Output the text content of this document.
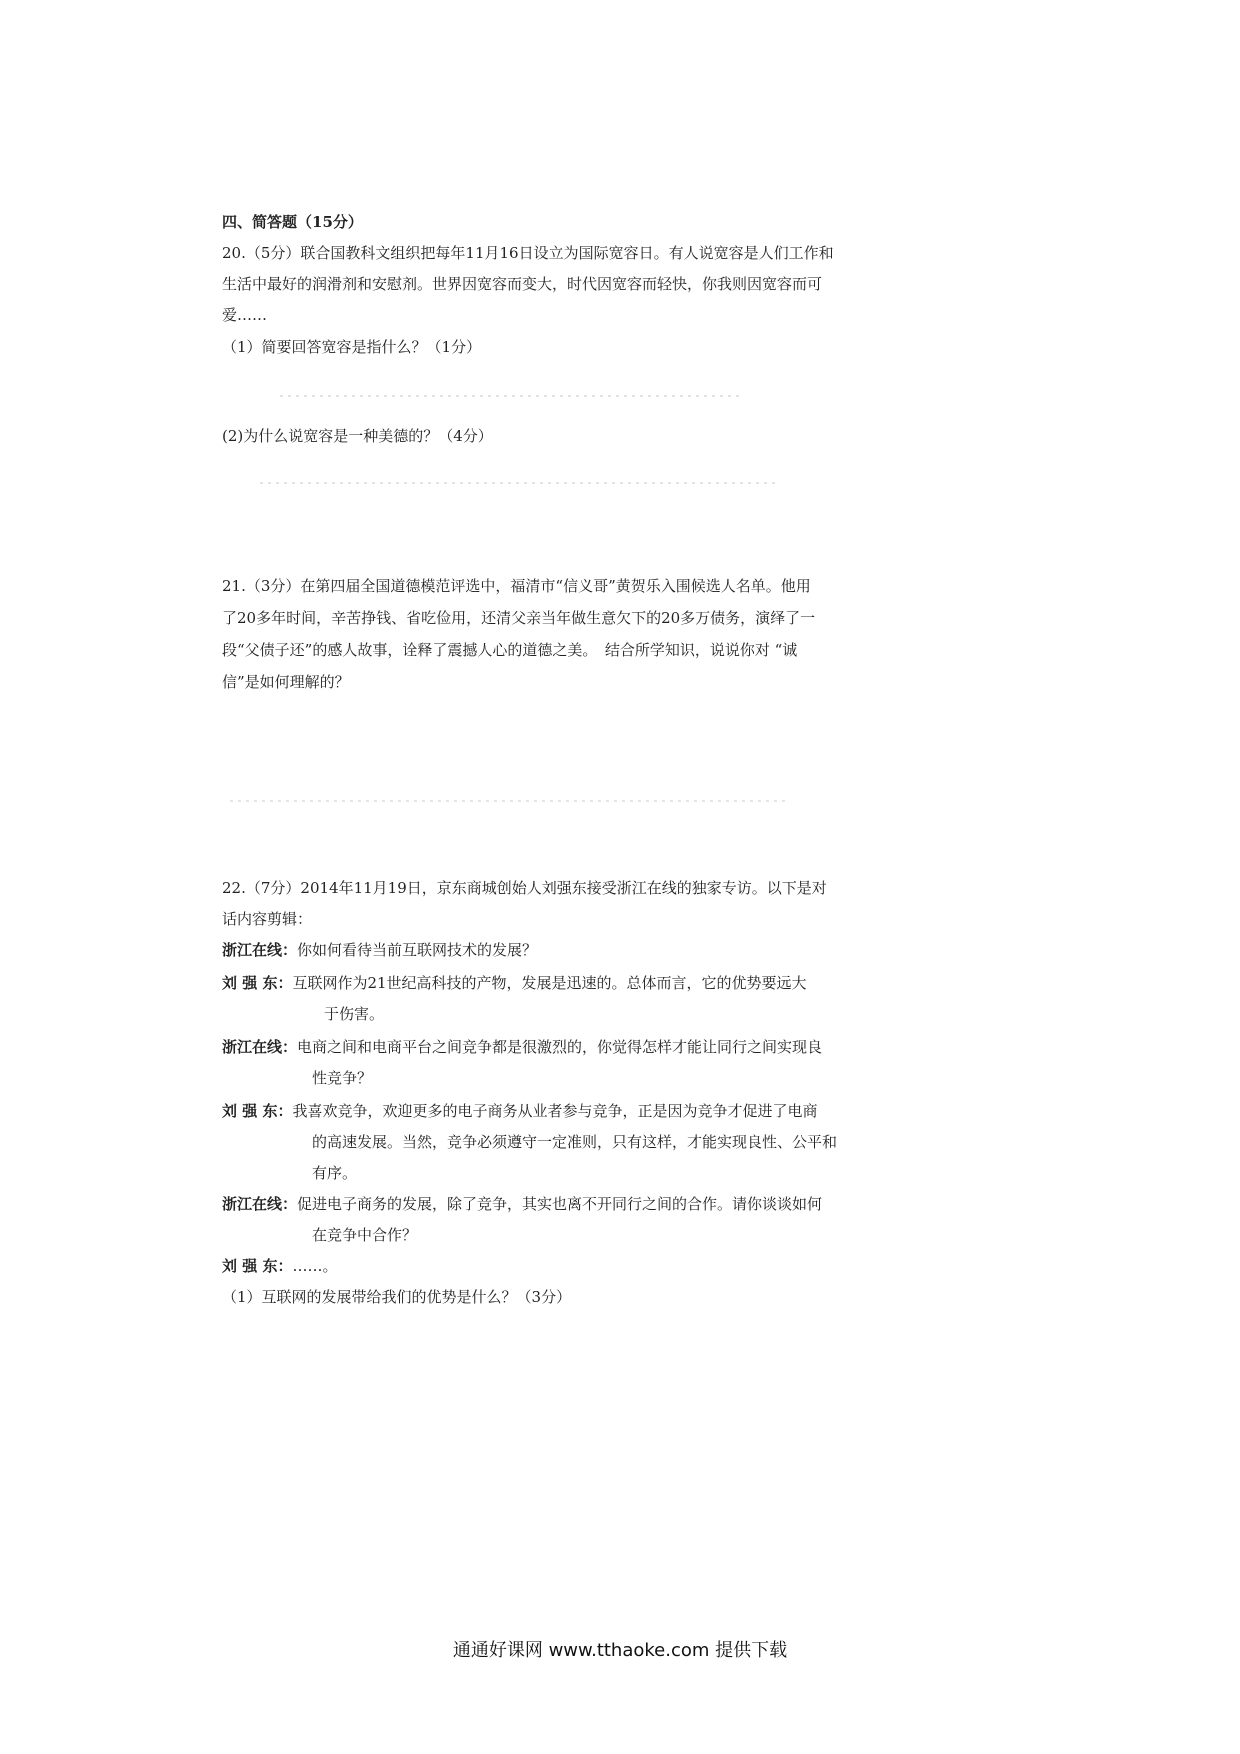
四、简答题（15分）
20.（5分）联合国教科文组织把每年11月16日设立为国际宽容日。有人说宽容是人们工作和
生活中最好的润滑剂和安慰剂。世界因宽容而变大，时代因宽容而轻快，你我则因宽容而可
爱……
（1）简要回答宽容是指什么？（1分）
(2)为什么说宽容是一种美德的？（4分）
21.（3分）在第四届全国道德模范评选中，福清市“信义哥”黄贺乐入围候选人名单。他用
了20多年时间，辛苦挣钱、省吃俭用，还清父亲当年做生意欠下的20多万债务，演绎了一
段“父债子还”的感人故事，诠释了震撼人心的道德之美。　结合所学知识，说说你对 “诚
信”是如何理解的？
22.（7分）2014年11月19日，京东商城创始人刘强东接受浙江在线的独家专访。以下是对
话内容剪辑：
浙江在线：你如何看待当前互联网技术的发展？
刘 强 东：互联网作为21世纪高科技的产物，发展是迅速的。总体而言，它的优势要远大
于伤害。
浙江在线：电商之间和电商平台之间竞争都是很激烈的，你觉得怎样才能让同行之间实现良
性竞争？
刘 强 东：我喜欢竞争，欢迎更多的电子商务从业者参与竞争，正是因为竞争才促进了电商
的高速发展。当然，竞争必须遵守一定准则，只有这样，才能实现良性、公平和
有序。
浙江在线：促进电子商务的发展，除了竞争，其实也离不开同行之间的合作。请你谈谈如何
在竞争中合作？
刘 强 东：……。
（1）互联网的发展带给我们的优势是什么？（3分）
通通好课网 www.tthaoke.com 提供下载
